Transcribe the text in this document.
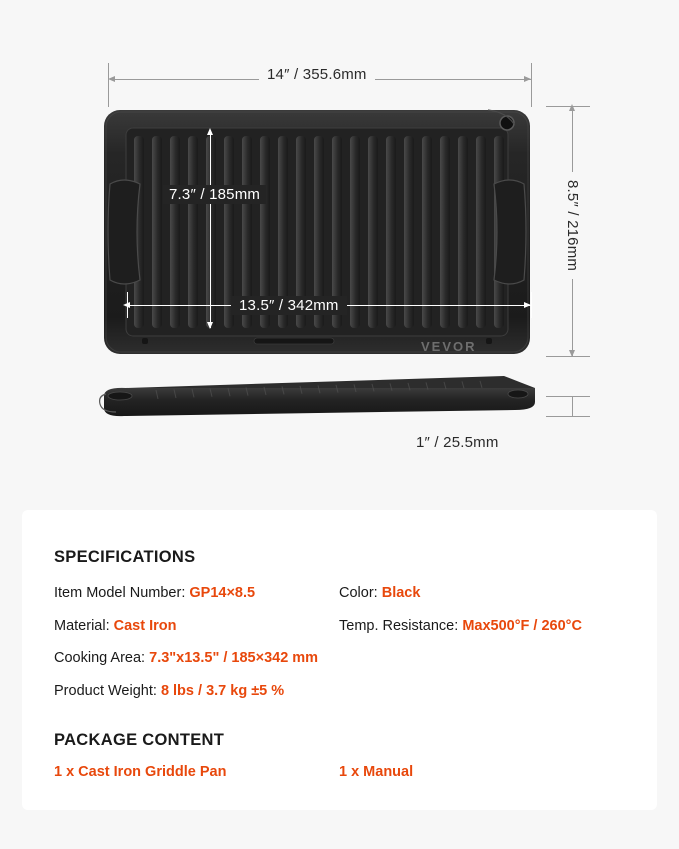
VEVOR
14″ / 355.6mm
8.5″ / 216mm
7.3″ / 185mm
13.5″ / 342mm
1″ / 25.5mm
SPECIFICATIONS
Item Model Number: GP14×8.5	Color: Black
Material: Cast Iron	Temp. Resistance: Max500°F / 260°C
Cooking Area: 7.3"x13.5" / 185×342 mm
Product Weight: 8 lbs / 3.7 kg ±5 %
PACKAGE CONTENT
1 x Cast Iron Griddle Pan	1 x Manual
